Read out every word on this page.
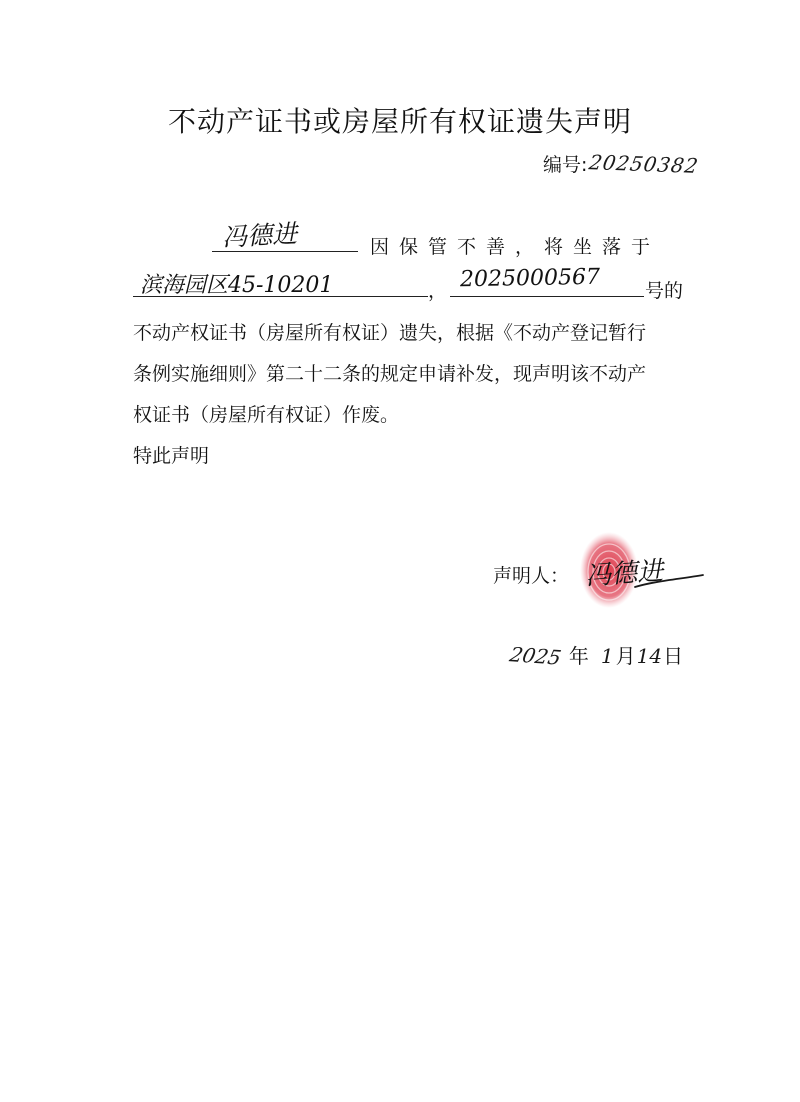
不动产证书或房屋所有权证遗失声明
编号: 20250382
冯德进	因保管不善，将坐落于
滨海园区45-10201	， 2025000567 号的
不动产权证书（房屋所有权证）遗失，根据《不动产登记暂行
条例实施细则》第二十二条的规定申请补发，现声明该不动产
权证书（房屋所有权证）作废。
特此声明
声明人： 冯德进
2025 年 1 月 14 日
